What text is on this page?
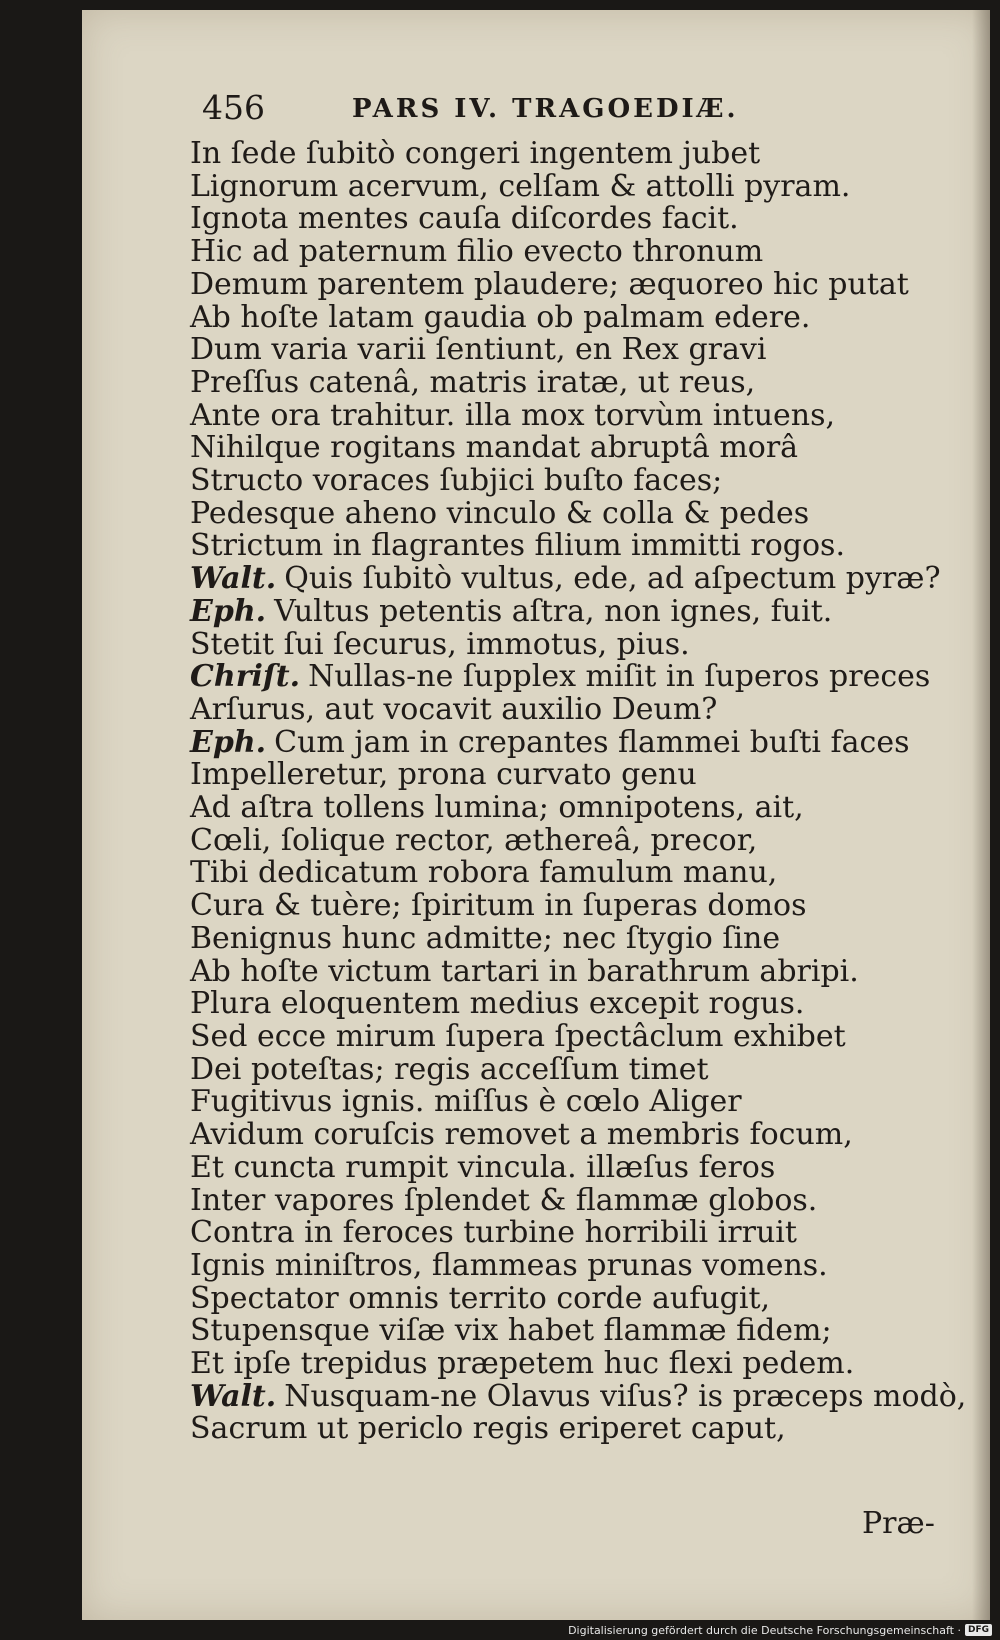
456	PARS IV. TRAGOEDIÆ.

In ſede ſubitò congeri ingentem jubet

Lignorum acervum, celſam & attolli pyram.

Ignota mentes cauſa diſcordes facit.

Hic ad paternum filio evecto thronum

Demum parentem plaudere; æquoreo hic putat

Ab hoſte latam gaudia ob palmam edere.

Dum varia varii ſentiunt, en Rex gravi

Preſſus catenâ, matris iratæ, ut reus,

Ante ora trahitur. illa mox torvùm intuens,

Nihilque rogitans mandat abruptâ morâ

Structo voraces ſubjici buſto faces;

Pedesque aheno vinculo & colla & pedes

Strictum in flagrantes filium immitti rogos.

Walt. Quis ſubitò vultus, ede, ad aſpectum pyræ?

Eph. Vultus petentis aſtra, non ignes, fuit.

Stetit ſui ſecurus, immotus, pius.

Chriſt. Nullas-ne ſupplex miſit in ſuperos preces

Arſurus, aut vocavit auxilio Deum?

Eph. Cum jam in crepantes flammei buſti faces

Impelleretur, prona curvato genu

Ad aſtra tollens lumina; omnipotens, ait,

Cœli, ſolique rector, æthereâ, precor,

Tibi dedicatum robora famulum manu,

Cura & tuère; ſpiritum in ſuperas domos

Benignus hunc admitte; nec ſtygio ſine

Ab hoſte victum tartari in barathrum abripi.

Plura eloquentem medius excepit rogus.

Sed ecce mirum ſupera ſpectâclum exhibet

Dei poteſtas; regis acceſſum timet

Fugitivus ignis. miſſus è cœlo Aliger

Avidum coruſcis removet a membris focum,

Et cuncta rumpit vincula. illæſus feros

Inter vapores ſplendet & flammæ globos.

Contra in feroces turbine horribili irruit

Ignis miniſtros, flammeas prunas vomens.

Spectator omnis territo corde aufugit,

Stupensque viſæ vix habet flammæ fidem;

Et ipſe trepidus præpetem huc flexi pedem.

Walt. Nusquam-ne Olavus viſus? is præceps modò,

Sacrum ut periclo regis eriperet caput,

Præ-
Digitalisierung gefördert durch die Deutsche Forschungsgemeinschaft · DFG
